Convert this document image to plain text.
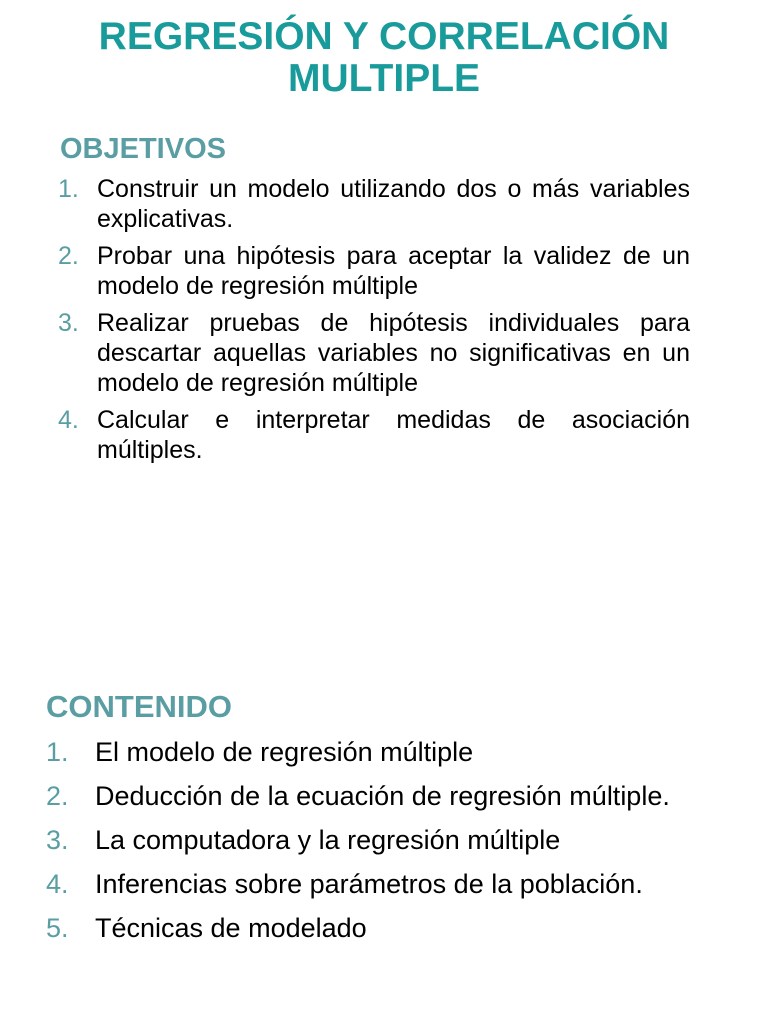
REGRESIÓN Y CORRELACIÓN
MULTIPLE
OBJETIVOS
1. Construir un modelo utilizando dos o más variables explicativas.
2. Probar una hipótesis para aceptar la validez de un modelo de regresión múltiple
3. Realizar pruebas de hipótesis individuales para descartar aquellas variables no significativas en un modelo de regresión múltiple
4. Calcular e interpretar medidas de asociación múltiples.
CONTENIDO
1. El modelo de regresión múltiple
2. Deducción de la ecuación de regresión múltiple.
3. La computadora y la regresión múltiple
4. Inferencias sobre parámetros de la población.
5. Técnicas de modelado
